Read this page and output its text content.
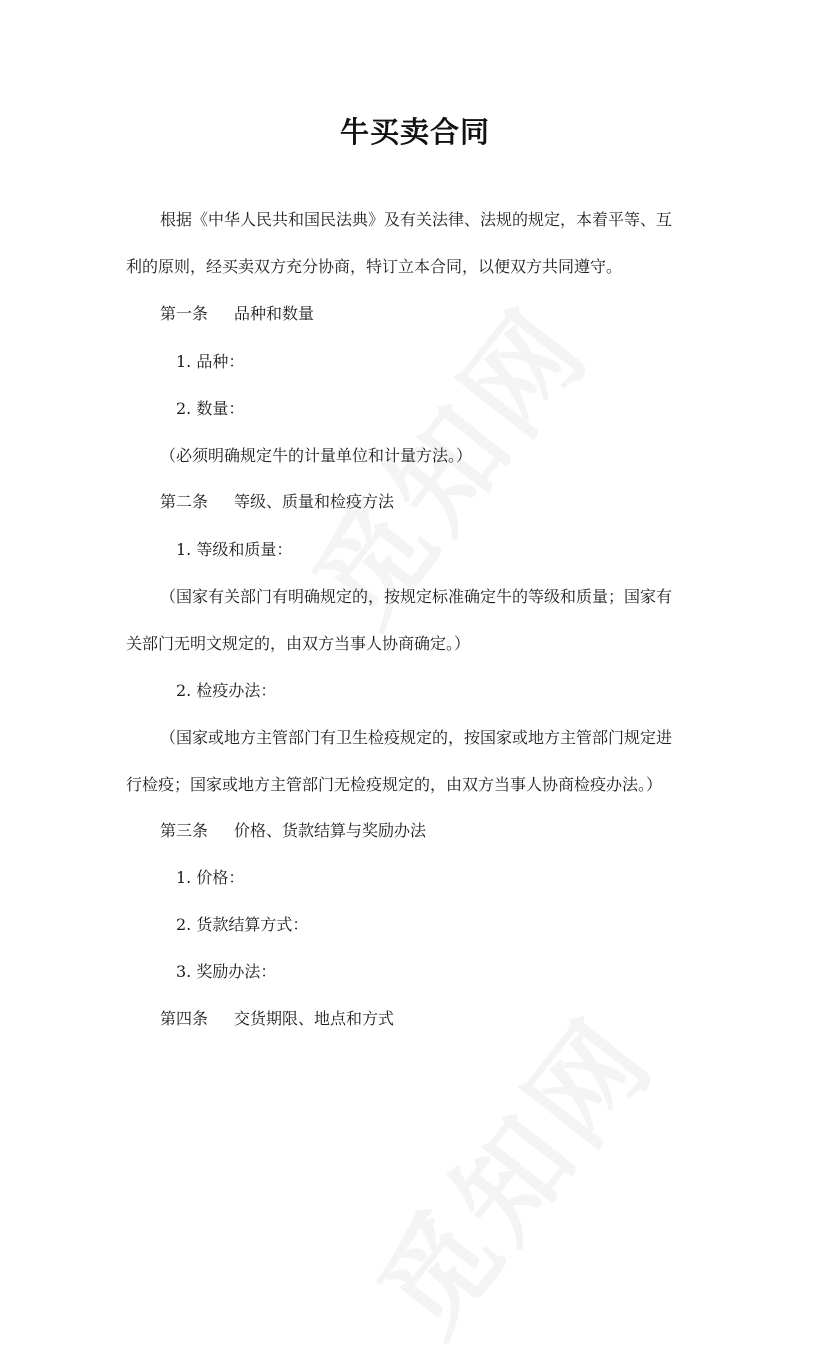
牛买卖合同
根据《中华人民共和国民法典》及有关法律、法规的规定，本着平等、互
利的原则，经买卖双方充分协商，特订立本合同，以便双方共同遵守。
第一条 品种和数量
1. 品种：
2. 数量：
（必须明确规定牛的计量单位和计量方法。）
第二条 等级、质量和检疫方法
1. 等级和质量：
（国家有关部门有明确规定的，按规定标准确定牛的等级和质量；国家有
关部门无明文规定的，由双方当事人协商确定。）
2. 检疫办法：
（国家或地方主管部门有卫生检疫规定的，按国家或地方主管部门规定进
行检疫；国家或地方主管部门无检疫规定的，由双方当事人协商检疫办法。）
第三条 价格、货款结算与奖励办法
1. 价格：
2. 货款结算方式：
3. 奖励办法：
第四条 交货期限、地点和方式
